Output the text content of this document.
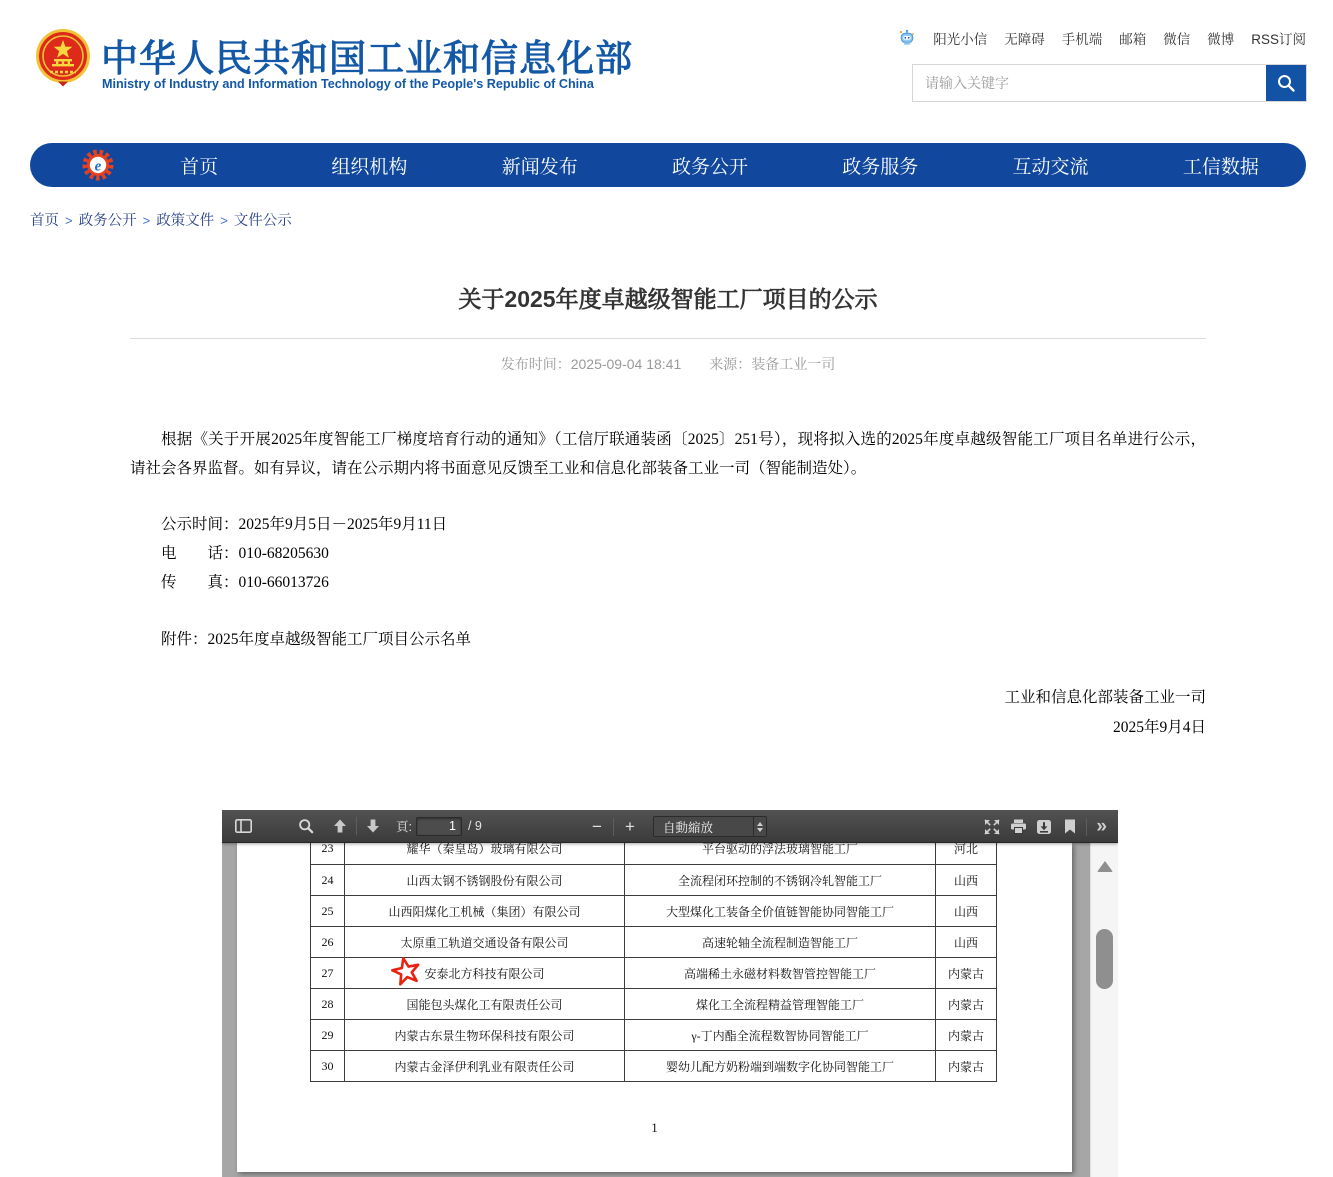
中华人民共和国工业和信息化部
Ministry of Industry and Information Technology of the People's Republic of China
阳光小信 无障碍 手机端 邮箱 微信 微博 RSS订阅
请输入关键字
e	首页	组织机构	新闻发布	政务公开	政务服务	互动交流	工信数据
首页 > 政务公开 > 政策文件 > 文件公示
关于2025年度卓越级智能工厂项目的公示
发布时间：2025-09-04 18:41 来源：装备工业一司

根据《关于开展2025年度智能工厂梯度培育行动的通知》（工信厅联通装函〔2025〕251号），现将拟入选的2025年度卓越级智能工厂项目名单进行公示，请社会各界监督。如有异议，请在公示期内将书面意见反馈至工业和信息化部装备工业一司（智能制造处）。

公示时间：2025年9月5日－2025年9月11日
电　　话：010-68205630
传　　真：010-66013726
附件：2025年度卓越级智能工厂项目公示名单
工业和信息化部装备工业一司
2025年9月4日
頁:
1	/ 9	−	+	自動縮放	»
23	耀华（秦皇岛）玻璃有限公司	平台驱动的浮法玻璃智能工厂	河北
24	山西太钢不锈钢股份有限公司	全流程闭环控制的不锈钢冷轧智能工厂	山西
25	山西阳煤化工机械（集团）有限公司	大型煤化工装备全价值链智能协同智能工厂	山西
26	太原重工轨道交通设备有限公司	高速轮轴全流程制造智能工厂	山西
27	安泰北方科技有限公司	高端稀土永磁材料数智管控智能工厂	内蒙古
28	国能包头煤化工有限责任公司	煤化工全流程精益管理智能工厂	内蒙古
29	内蒙古东景生物环保科技有限公司	γ-丁内酯全流程数智协同智能工厂	内蒙古
30	内蒙古金泽伊利乳业有限责任公司	婴幼儿配方奶粉端到端数字化协同智能工厂	内蒙古
1
